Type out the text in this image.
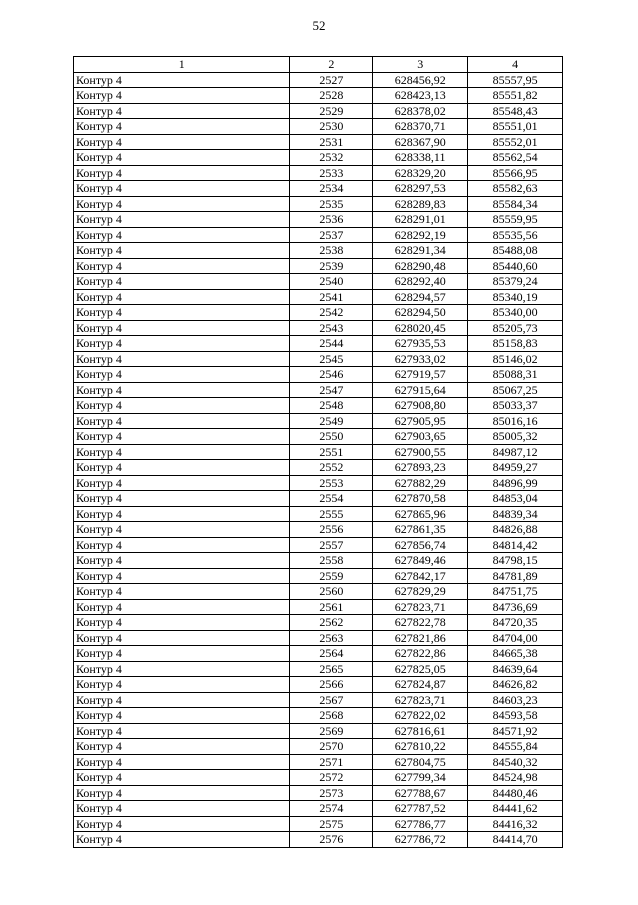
52
1	2	3	4
Контур 4	2527	628456,92	85557,95
Контур 4	2528	628423,13	85551,82
Контур 4	2529	628378,02	85548,43
Контур 4	2530	628370,71	85551,01
Контур 4	2531	628367,90	85552,01
Контур 4	2532	628338,11	85562,54
Контур 4	2533	628329,20	85566,95
Контур 4	2534	628297,53	85582,63
Контур 4	2535	628289,83	85584,34
Контур 4	2536	628291,01	85559,95
Контур 4	2537	628292,19	85535,56
Контур 4	2538	628291,34	85488,08
Контур 4	2539	628290,48	85440,60
Контур 4	2540	628292,40	85379,24
Контур 4	2541	628294,57	85340,19
Контур 4	2542	628294,50	85340,00
Контур 4	2543	628020,45	85205,73
Контур 4	2544	627935,53	85158,83
Контур 4	2545	627933,02	85146,02
Контур 4	2546	627919,57	85088,31
Контур 4	2547	627915,64	85067,25
Контур 4	2548	627908,80	85033,37
Контур 4	2549	627905,95	85016,16
Контур 4	2550	627903,65	85005,32
Контур 4	2551	627900,55	84987,12
Контур 4	2552	627893,23	84959,27
Контур 4	2553	627882,29	84896,99
Контур 4	2554	627870,58	84853,04
Контур 4	2555	627865,96	84839,34
Контур 4	2556	627861,35	84826,88
Контур 4	2557	627856,74	84814,42
Контур 4	2558	627849,46	84798,15
Контур 4	2559	627842,17	84781,89
Контур 4	2560	627829,29	84751,75
Контур 4	2561	627823,71	84736,69
Контур 4	2562	627822,78	84720,35
Контур 4	2563	627821,86	84704,00
Контур 4	2564	627822,86	84665,38
Контур 4	2565	627825,05	84639,64
Контур 4	2566	627824,87	84626,82
Контур 4	2567	627823,71	84603,23
Контур 4	2568	627822,02	84593,58
Контур 4	2569	627816,61	84571,92
Контур 4	2570	627810,22	84555,84
Контур 4	2571	627804,75	84540,32
Контур 4	2572	627799,34	84524,98
Контур 4	2573	627788,67	84480,46
Контур 4	2574	627787,52	84441,62
Контур 4	2575	627786,77	84416,32
Контур 4	2576	627786,72	84414,70
